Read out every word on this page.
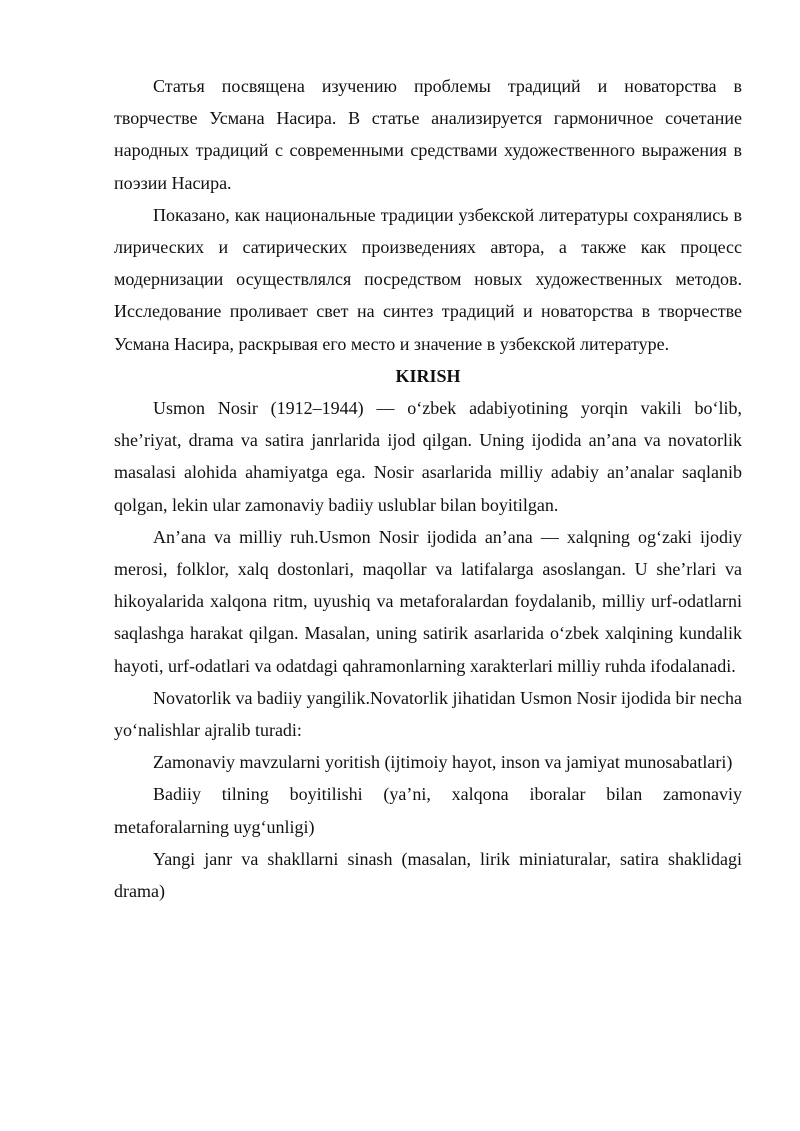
Статья посвящена изучению проблемы традиций и новаторства в творчестве Усмана Насира. В статье анализируется гармоничное сочетание народных традиций с современными средствами художественного выражения в поэзии Насира.

Показано, как национальные традиции узбекской литературы сохранялись в лирических и сатирических произведениях автора, а также как процесс модернизации осуществлялся посредством новых художественных методов. Исследование проливает свет на синтез традиций и новаторства в творчестве Усмана Насира, раскрывая его место и значение в узбекской литературе.

KIRISH

Usmon Nosir (1912–1944) — oʻzbek adabiyotining yorqin vakili boʻlib, sheʼriyat, drama va satira janrlarida ijod qilgan. Uning ijodida anʼana va novatorlik masalasi alohida ahamiyatga ega. Nosir asarlarida milliy adabiy anʼanalar saqlanib qolgan, lekin ular zamonaviy badiiy uslublar bilan boyitilgan.

Anʼana va milliy ruh.Usmon Nosir ijodida anʼana — xalqning ogʻzaki ijodiy merosi, folklor, xalq dostonlari, maqollar va latifalarga asoslangan. U sheʼrlari va hikoyalarida xalqona ritm, uyushiq va metaforalardan foydalanib, milliy urf-odatlarni saqlashga harakat qilgan. Masalan, uning satirik asarlarida oʻzbek xalqining kundalik hayoti, urf-odatlari va odatdagi qahramonlarning xarakterlari milliy ruhda ifodalanadi.

Novatorlik va badiiy yangilik.Novatorlik jihatidan Usmon Nosir ijodida bir necha yoʻnalishlar ajralib turadi:

Zamonaviy mavzularni yoritish (ijtimoiy hayot, inson va jamiyat munosabatlari)

Badiiy tilning boyitilishi (yaʼni, xalqona iboralar bilan zamonaviy metaforalarning uygʻunligi)

Yangi janr va shakllarni sinash (masalan, lirik miniaturalar, satira shaklidagi drama)
